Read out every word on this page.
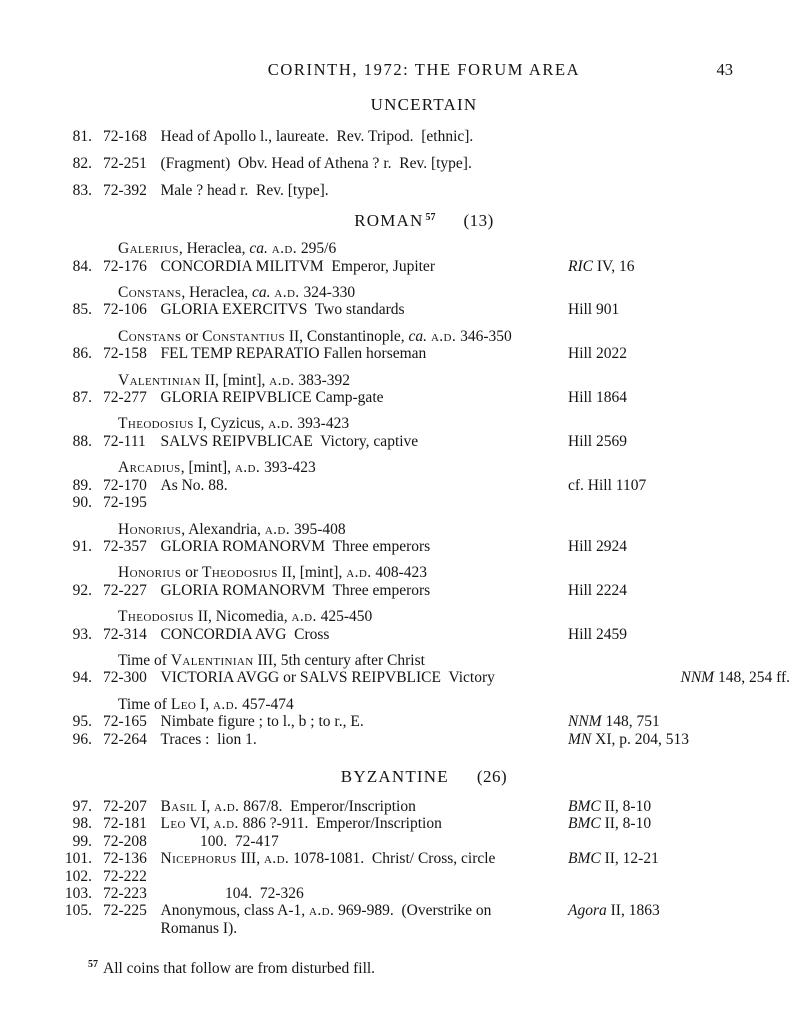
CORINTH, 1972: THE FORUM AREA	43
UNCERTAIN
81. 72-168 Head of Apollo l., laureate.  Rev. Tripod.  [ethnic].
82. 72-251 (Fragment)  Obv. Head of Athena ? r.  Rev. [type].
83. 72-392 Male ? head r.  Rev. [type].
ROMAN $^{57}$ (13)
Galerius, Heraclea, ca. a.d. 295/6
84. 72-176 CONCORDIA MILITVM  Emperor, Jupiter	RIC IV, 16
Constans, Heraclea, ca. a.d. 324-330
85. 72-106 GLORIA EXERCITVS  Two standards	Hill 901
Constans or Constantius II, Constantinople, ca. a.d. 346-350
86. 72-158 FEL TEMP REPARATIO Fallen horseman	Hill 2022
Valentinian II, [mint], a.d. 383-392
87. 72-277 GLORIA REIPVBLICE Camp-gate	Hill 1864
Theodosius I, Cyzicus, a.d. 393-423
88. 72-111 SALVS REIPVBLICAE  Victory, captive	Hill 2569
Arcadius, [mint], a.d. 393-423
89. 72-170 As No. 88.	cf. Hill 1107
90. 72-195
Honorius, Alexandria, a.d. 395-408
91. 72-357 GLORIA ROMANORVM  Three emperors	Hill 2924
Honorius or Theodosius II, [mint], a.d. 408-423
92. 72-227 GLORIA ROMANORVM  Three emperors	Hill 2224
Theodosius II, Nicomedia, a.d. 425-450
93. 72-314 CONCORDIA AVG  Cross	Hill 2459
Time of Valentinian III, 5th century after Christ
94. 72-300 VICTORIA AVGG or SALVS REIPVBLICE  Victory	NNM 148, 254 ff.
Time of Leo I, a.d. 457-474
95. 72-165 Nimbate figure ; to l., b ; to r., E.	NNM 148, 751
96. 72-264 Traces :  lion 1.	MN XI, p. 204, 513
BYZANTINE (26)
97. 72-207 Basil I, a.d. 867/8.  Emperor/Inscription	BMC II, 8-10
98. 72-181 Leo VI, a.d. 886 ?-911.  Emperor/Inscription	BMC II, 8-10
99. 72-208	100.  72-417
101. 72-136 Nicephorus III, a.d. 1078-1081.  Christ/ Cross, circle	BMC II, 12-21
102. 72-222
103. 72-223	104.  72-326
105. 72-225 Anonymous, class A-1, a.d. 969-989.  (Overstrike on	Agora II, 1863
Romanus I).
$^{57}$ All coins that follow are from disturbed fill.
